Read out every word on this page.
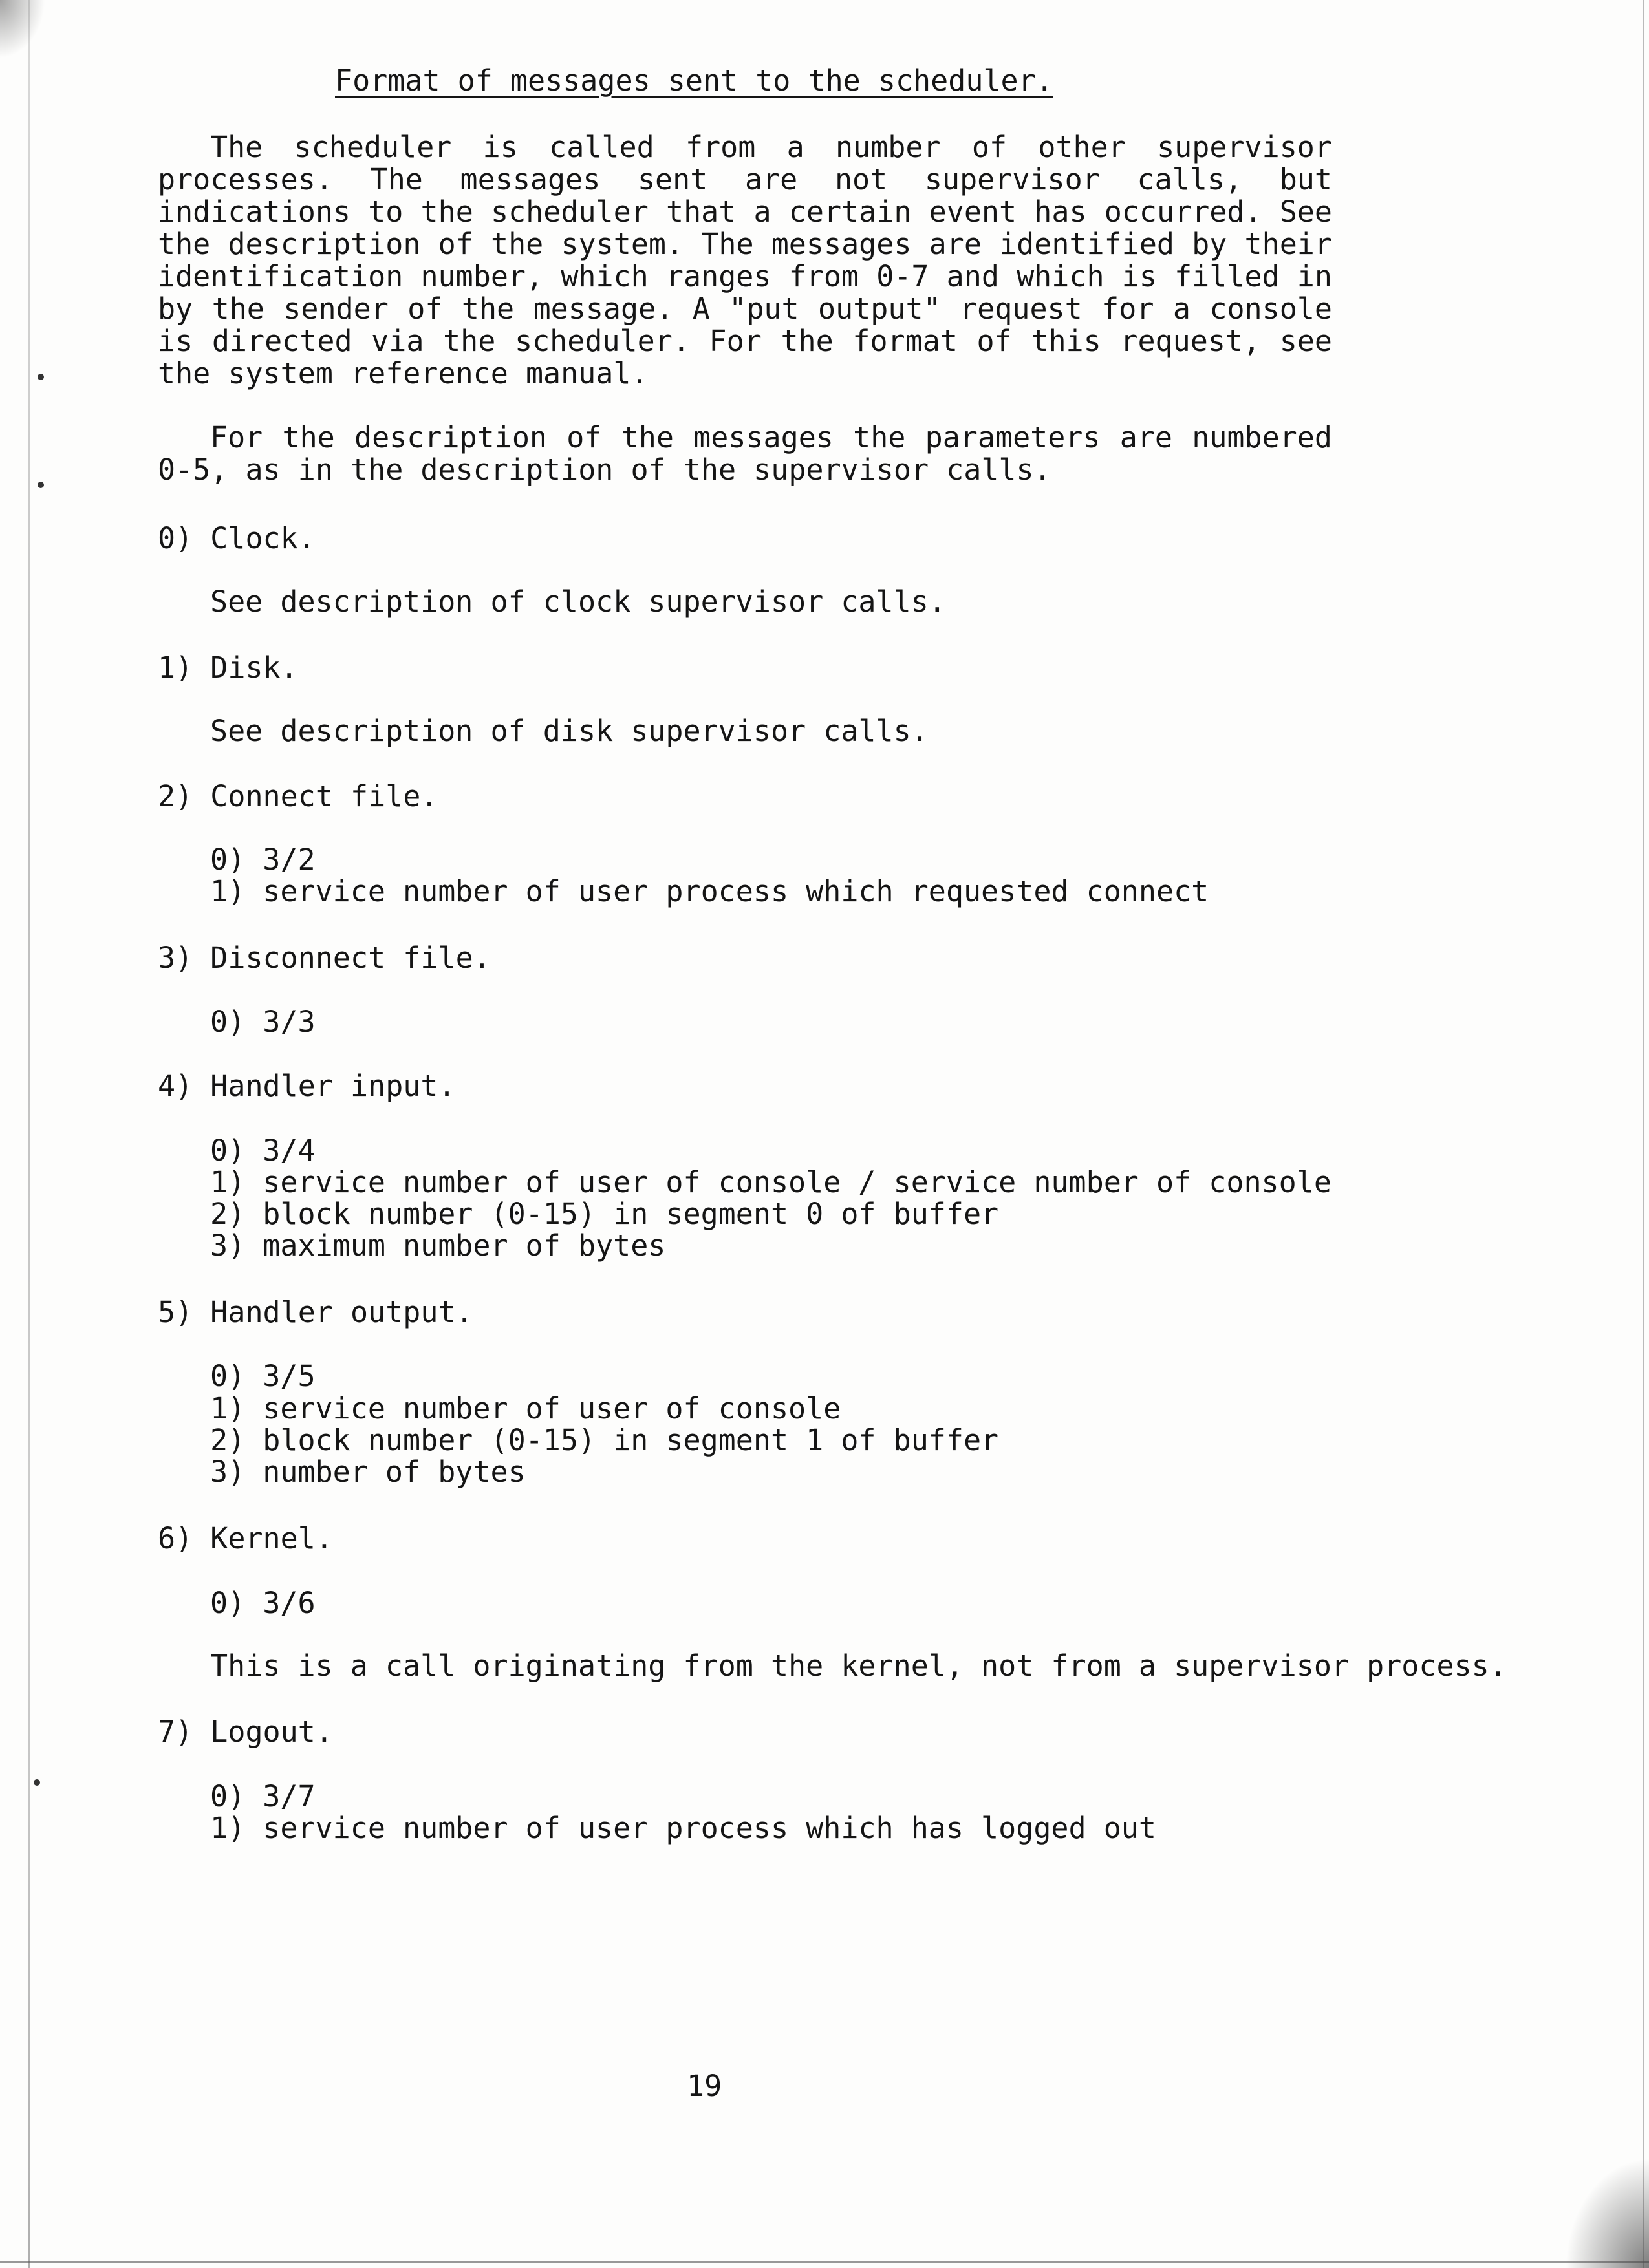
Format of messages sent to the scheduler.
The scheduler is called from a number of other supervisor processes. The messages sent are not supervisor calls, but indications to the scheduler that a certain event has occurred. See the description of the system. The messages are identified by their identification number, which ranges from 0-7 and which is filled in by the sender of the message. A "put output" request for a console is directed via the scheduler. For the format of this request, see the system reference manual.
For the description of the messages the parameters are numbered 0-5, as in the description of the supervisor calls.
0) Clock.
See description of clock supervisor calls.
1) Disk.
See description of disk supervisor calls.
2) Connect file.
0) 3/2
1) service number of user process which requested connect
3) Disconnect file.
0) 3/3
4) Handler input.
0) 3/4
1) service number of user of console / service number of console
2) block number (0-15) in segment 0 of buffer
3) maximum number of bytes
5) Handler output.
0) 3/5
1) service number of user of console
2) block number (0-15) in segment 1 of buffer
3) number of bytes
6) Kernel.
0) 3/6
This is a call originating from the kernel, not from a supervisor process.
7) Logout.
0) 3/7
1) service number of user process which has logged out
19
